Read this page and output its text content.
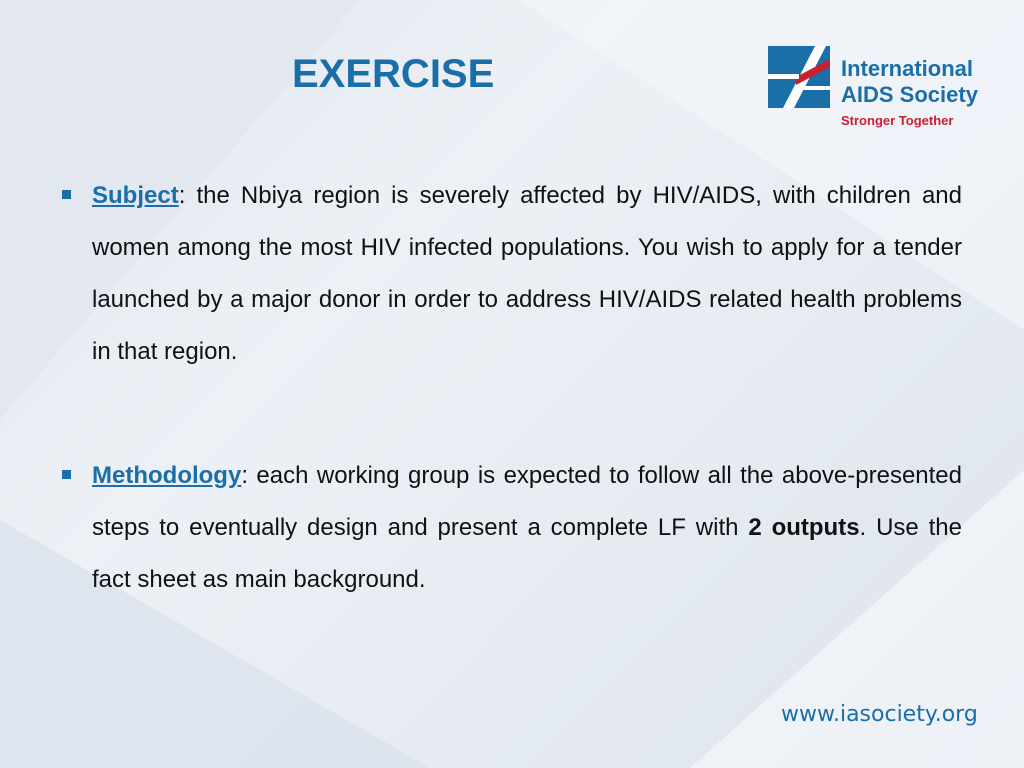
EXERCISE	International
AIDS Society
Stronger Together
Subject: the Nbiya region is severely affected by HIV/AIDS, with children and women among the most HIV infected populations. You wish to apply for a tender launched by a major donor in order to address HIV/AIDS related health problems in that region.
Methodology: each working group is expected to follow all the above-presented steps to eventually design and present a complete LF with 2 outputs. Use the fact sheet as main background.
www.iasociety.org
